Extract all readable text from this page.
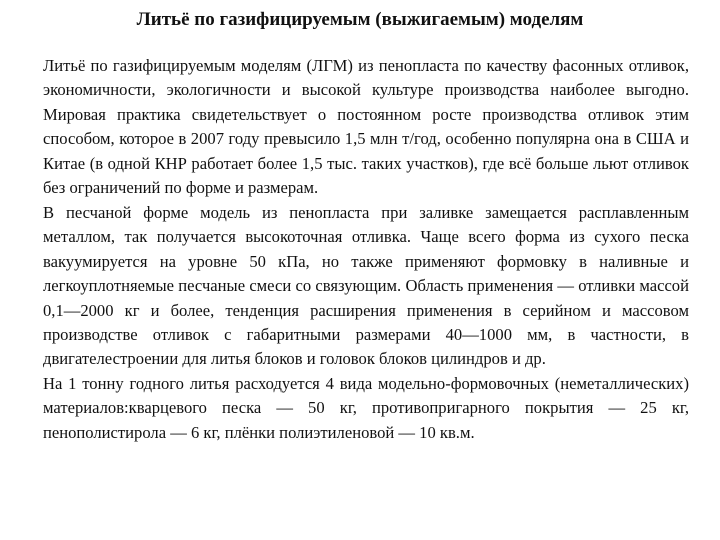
Литьё по газифицируемым (выжигаемым) моделям

Литьё по газифицируемым моделям (ЛГМ) из пенопласта по качеству фасонных отливок, экономичности, экологичности и высокой культуре производства наиболее выгодно. Мировая практика свидетельствует о постоянном росте производства отливок этим способом, которое в 2007 году превысило 1,5 млн т/год, особенно популярна она в США и Китае (в одной КНР работает более 1,5 тыс. таких участков), где всё больше льют отливок без ограничений по форме и размерам.

В песчаной форме модель из пенопласта при заливке замещается расплавленным металлом, так получается высокоточная отливка. Чаще всего форма из сухого песка вакуумируется на уровне 50 кПа, но также применяют формовку в наливные и легкоуплотняемые песчаные смеси со связующим. Область применения — отливки массой 0,1—2000 кг и более, тенденция расширения применения в серийном и массовом производстве отливок с габаритными размерами 40—1000 мм, в частности, в двигателестроении для литья блоков и головок блоков цилиндров и др.

На 1 тонну годного литья расходуется 4 вида модельно-формовочных (неметаллических) материалов:кварцевого песка — 50 кг, противопригарного покрытия — 25 кг, пенополистирола — 6 кг, плёнки полиэтиленовой — 10 кв.м.
